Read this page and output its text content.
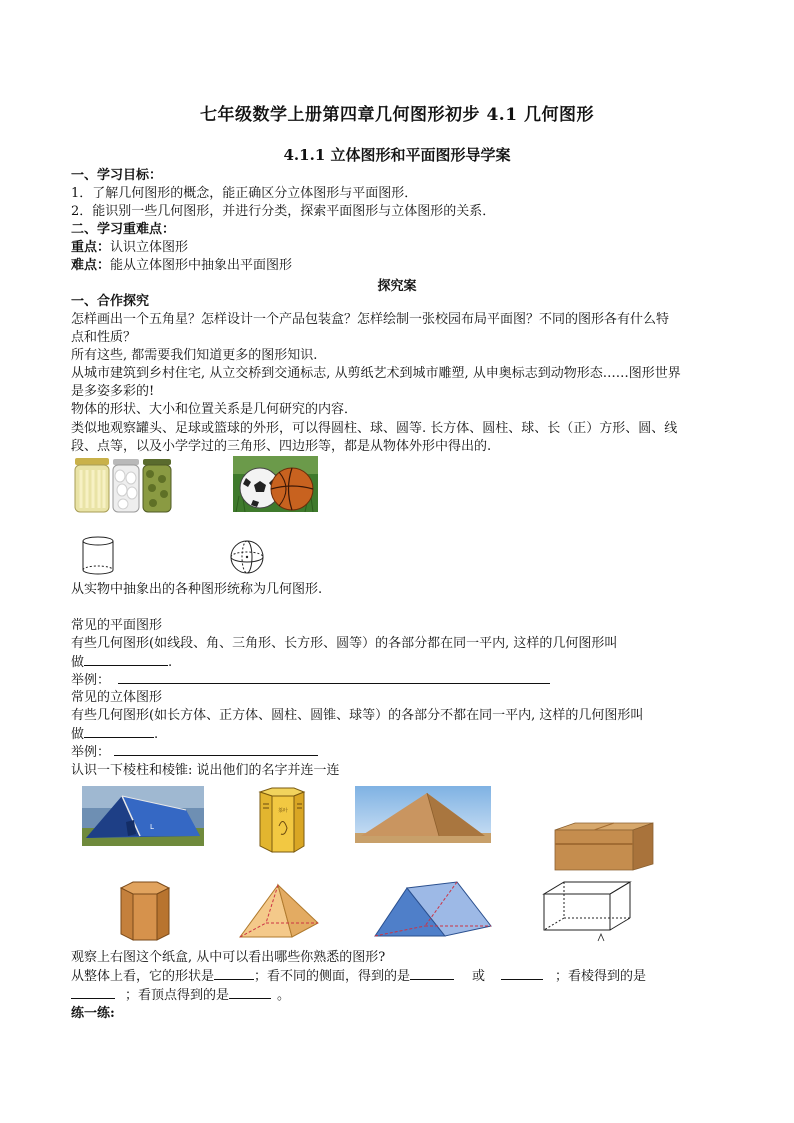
七年级数学上册第四章几何图形初步 4.1 几何图形
4.1.1 立体图形和平面图形导学案
一、学习目标：
1．了解几何图形的概念，能正确区分立体图形与平面图形．
2．能识别一些几何图形，并进行分类，探索平面图形与立体图形的关系．
二、学习重难点：
重点：认识立体图形
难点：能从立体图形中抽象出平面图形
探究案
一、合作探究
怎样画出一个五角星？怎样设计一个产品包装盒？怎样绘制一张校园布局平面图？不同的图形各有什么特
点和性质？
所有这些, 都需要我们知道更多的图形知识.
从城市建筑到乡村住宅, 从立交桥到交通标志, 从剪纸艺术到城市雕塑, 从申奥标志到动物形态……图形世界
是多姿多彩的!
物体的形状、大小和位置关系是几何研究的内容．
类似地观察罐头、足球或篮球的外形，可以得圆柱、球、圆等. 长方体、圆柱、球、长（正）方形、圆、线
段、点等，以及小学学过的三角形、四边形等，都是从物体外形中得出的.
从实物中抽象出的各种图形统称为几何图形.
常见的平面图形
有些几何图形(如线段、角、三角形、长方形、圆等）的各部分都在同一平内, 这样的几何图形叫
做	.
举例：
常见的立体图形
有些几何图形(如长方体、正方体、圆柱、圆锥、球等）的各部分不都在同一平内, 这样的几何图形叫
做	.
举例：
认识一下棱柱和棱锥: 说出他们的名字并连一连
L
茶叶
观察上右图这个纸盒, 从中可以看出哪些你熟悉的图形?
从整体上看，它的形状是	；看不同的侧面，得到的是	或	；看棱得到的是
；看顶点得到的是	。
练一练:
